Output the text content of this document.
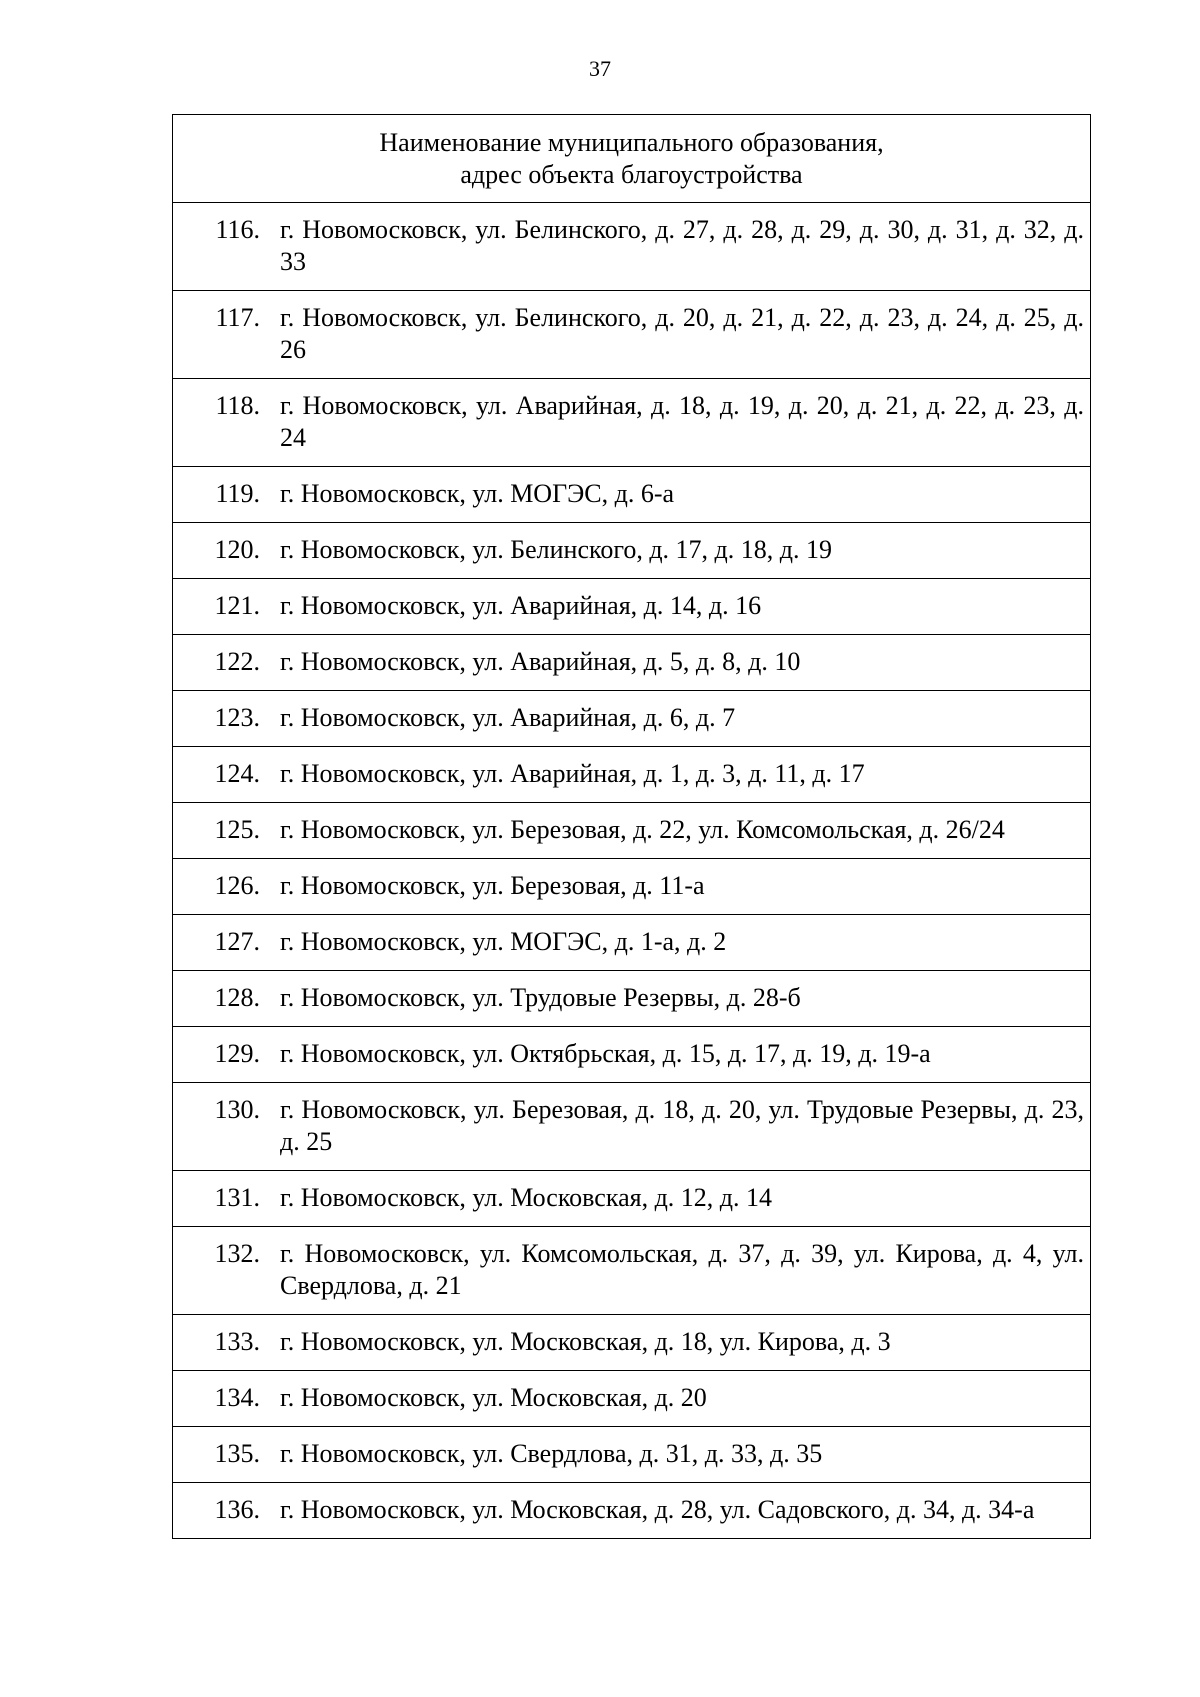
37
Наименование муниципального образования,
адрес объекта благоустройства

116. г. Новомосковск, ул. Белинского, д. 27, д. 28, д. 29, д. 30, д. 31, д. 32, д. 33

117. г. Новомосковск, ул. Белинского, д. 20, д. 21, д. 22, д. 23, д. 24, д. 25, д. 26

118. г. Новомосковск, ул. Аварийная, д. 18, д. 19, д. 20, д. 21, д. 22, д. 23, д. 24

119. г. Новомосковск, ул. МОГЭС, д. 6-а

120. г. Новомосковск, ул. Белинского, д. 17, д. 18, д. 19

121. г. Новомосковск, ул. Аварийная, д. 14, д. 16

122. г. Новомосковск, ул. Аварийная, д. 5, д. 8, д. 10

123. г. Новомосковск, ул. Аварийная, д. 6, д. 7

124. г. Новомосковск, ул. Аварийная, д. 1, д. 3, д. 11, д. 17

125. г. Новомосковск, ул. Березовая, д. 22, ул. Комсомольская, д. 26/24

126. г. Новомосковск, ул. Березовая, д. 11-а

127. г. Новомосковск, ул. МОГЭС, д. 1-а, д. 2

128. г. Новомосковск, ул. Трудовые Резервы, д. 28-б

129. г. Новомосковск, ул. Октябрьская, д. 15, д. 17, д. 19, д. 19-а

130. г. Новомосковск, ул. Березовая, д. 18, д. 20, ул. Трудовые Резервы, д. 23, д. 25

131. г. Новомосковск, ул. Московская, д. 12, д. 14

132. г. Новомосковск, ул. Комсомольская, д. 37, д. 39, ул. Кирова, д. 4, ул. Свердлова, д. 21

133. г. Новомосковск, ул. Московская, д. 18, ул. Кирова, д. 3

134. г. Новомосковск, ул. Московская, д. 20

135. г. Новомосковск, ул. Свердлова, д. 31, д. 33, д. 35

136. г. Новомосковск, ул. Московская, д. 28, ул. Садовского, д. 34, д. 34-а
